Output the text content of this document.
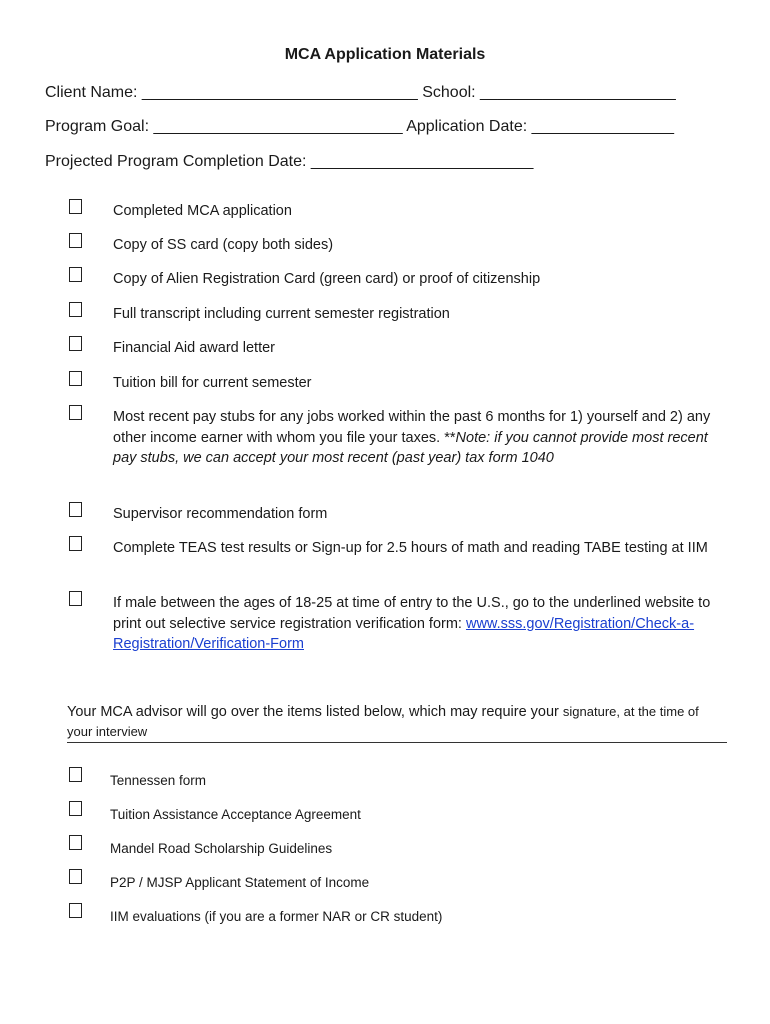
MCA Application Materials
Client Name: _______________________________ School: ______________________
Program Goal: ____________________________ Application Date: ________________
Projected Program Completion Date: _________________________
Completed MCA application
Copy of SS card (copy both sides)
Copy of Alien Registration Card (green card) or proof of citizenship
Full transcript including current semester registration
Financial Aid award letter
Tuition bill for current semester
Most recent pay stubs for any jobs worked within the past 6 months for 1) yourself and 2) any other income earner with whom you file your taxes. **Note: if you cannot provide most recent pay stubs, we can accept your most recent (past year) tax form 1040
Supervisor recommendation form
Complete TEAS test results or Sign-up for 2.5 hours of math and reading TABE testing at IIM
If male between the ages of 18-25 at time of entry to the U.S., go to the underlined website to print out selective service registration verification form: www.sss.gov/Registration/Check-a-Registration/Verification-Form
Your MCA advisor will go over the items listed below, which may require your signature, at the time of your interview
Tennessen form
Tuition Assistance Acceptance Agreement
Mandel Road Scholarship Guidelines
P2P / MJSP Applicant Statement of Income
IIM evaluations (if you are a former NAR or CR student)
